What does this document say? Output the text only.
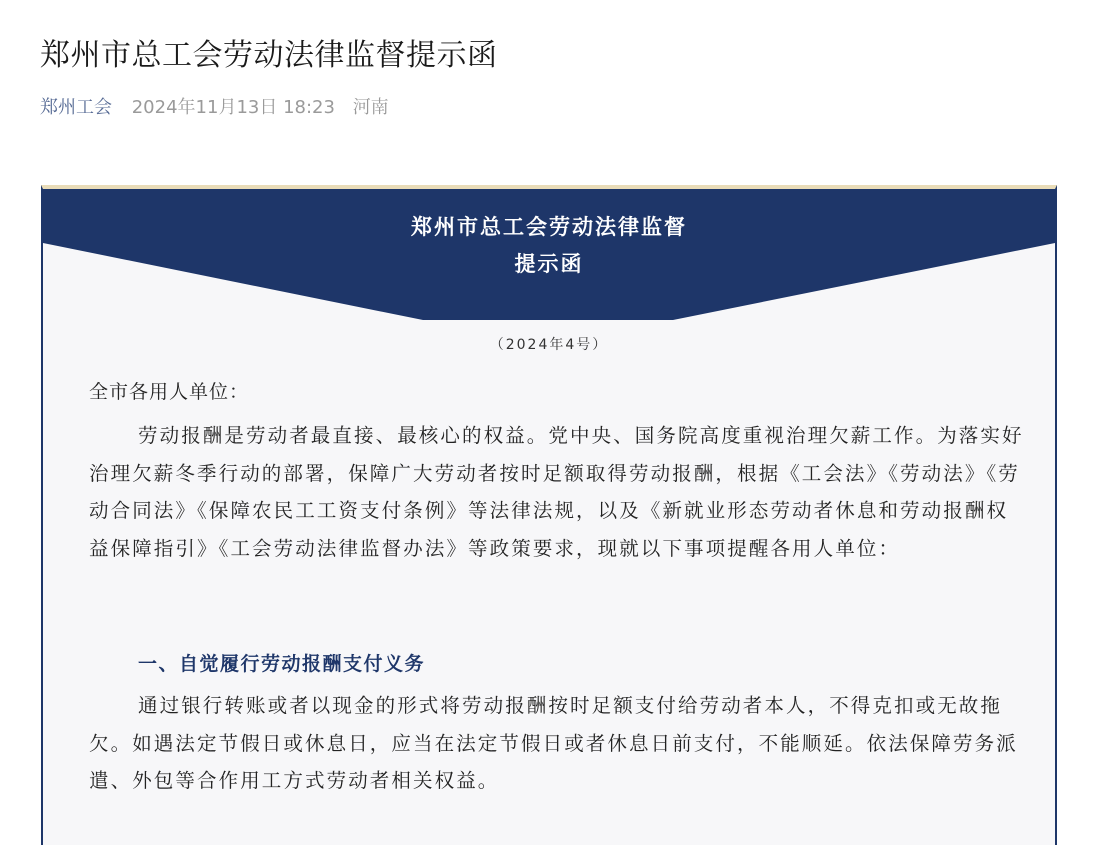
郑州市总工会劳动法律监督提示函
郑州工会 2024年11月13日 18:23 河南
郑州市总工会劳动法律监督
提示函
（2024年4号）
全市各用人单位：

劳动报酬是劳动者最直接、最核心的权益。党中央、国务院高度重视治理欠薪工作。为落实好治理欠薪冬季行动的部署，保障广大劳动者按时足额取得劳动报酬，根据《工会法》《劳动法》《劳动合同法》《保障农民工工资支付条例》等法律法规，以及《新就业形态劳动者休息和劳动报酬权益保障指引》《工会劳动法律监督办法》等政策要求，现就以下事项提醒各用人单位：

一、自觉履行劳动报酬支付义务

通过银行转账或者以现金的形式将劳动报酬按时足额支付给劳动者本人，不得克扣或无故拖欠。如遇法定节假日或休息日，应当在法定节假日或者休息日前支付，不能顺延。依法保障劳务派遣、外包等合作用工方式劳动者相关权益。
